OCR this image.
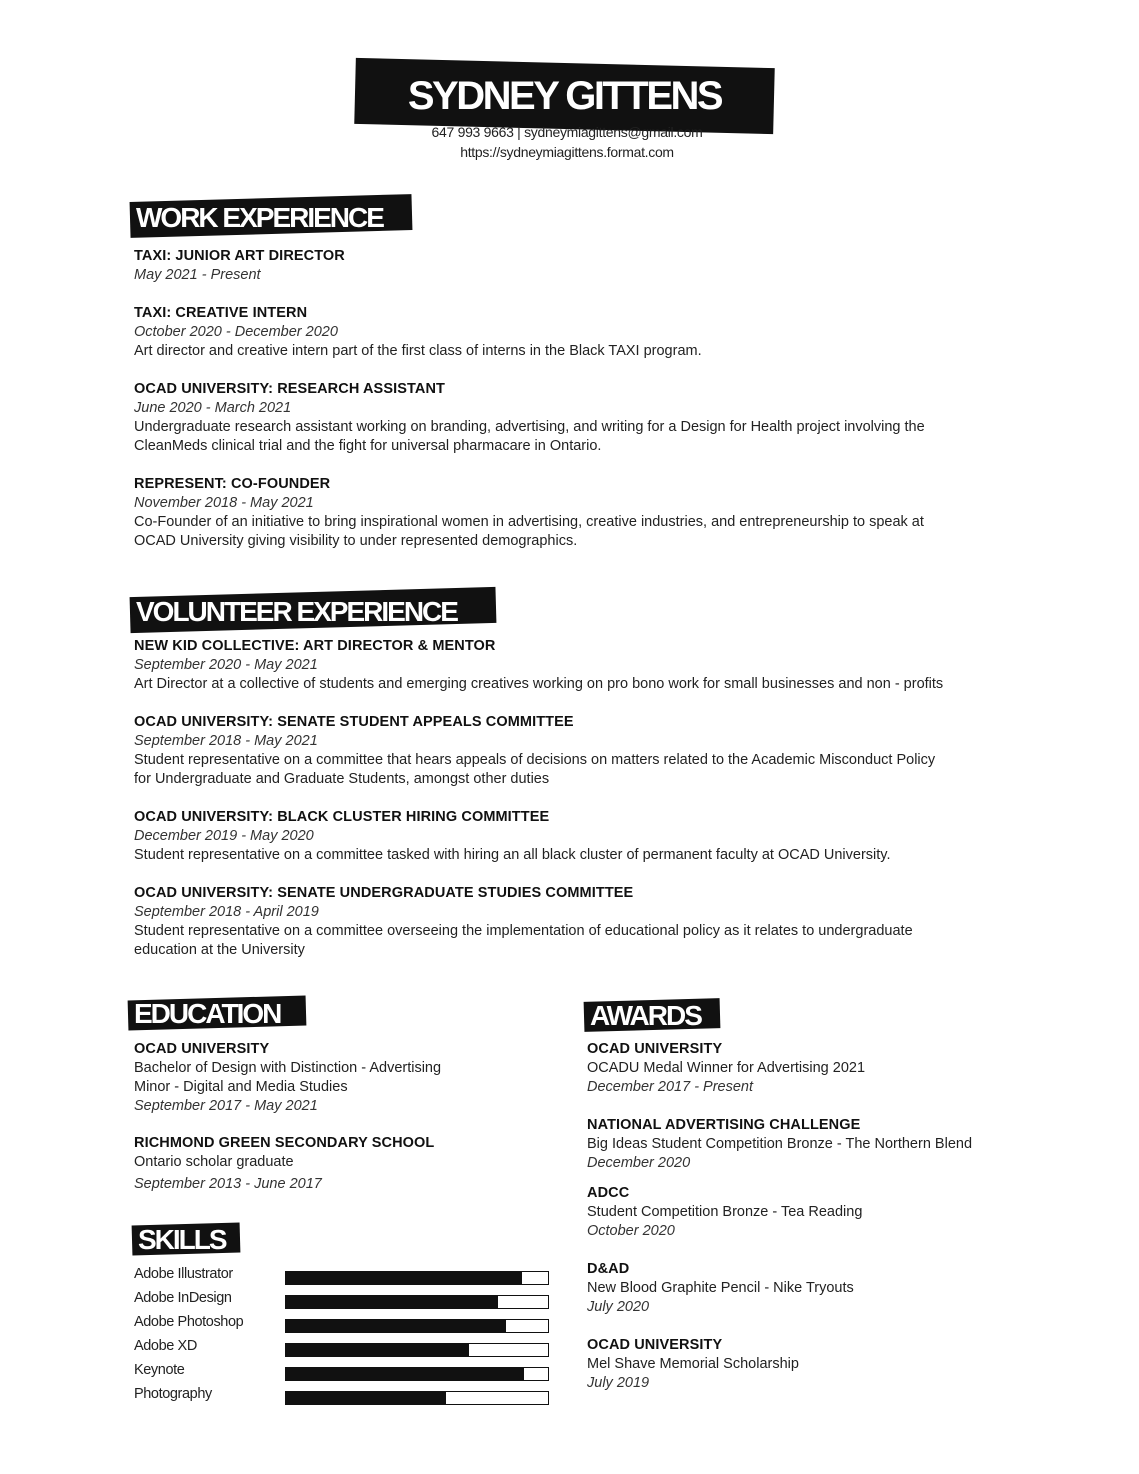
SYDNEY GITTENS
647 993 9663 | sydneymiagittens@gmail.com
https://sydneymiagittens.format.com
WORK EXPERIENCE
TAXI: JUNIOR ART DIRECTOR
May 2021 - Present
TAXI: CREATIVE INTERN
October 2020 - December 2020
Art director and creative intern part of the first class of interns in the Black TAXI program.
OCAD UNIVERSITY: RESEARCH ASSISTANT
June 2020 - March 2021
Undergraduate research assistant working on branding, advertising, and writing for a Design for Health project involving the
CleanMeds clinical trial and the fight for universal pharmacare in Ontario.
REPRESENT: CO-FOUNDER
November 2018 - May 2021
Co-Founder of an initiative to bring inspirational women in advertising, creative industries, and entrepreneurship to speak at
OCAD University giving visibility to under represented demographics.
VOLUNTEER EXPERIENCE
NEW KID COLLECTIVE: ART DIRECTOR & MENTOR
September 2020 - May 2021
Art Director at a collective of students and emerging creatives working on pro bono work for small businesses and non - profits
OCAD UNIVERSITY: SENATE STUDENT APPEALS COMMITTEE
September 2018 - May 2021
Student representative on a committee that hears appeals of decisions on matters related to the Academic Misconduct Policy
for Undergraduate and Graduate Students, amongst other duties
OCAD UNIVERSITY: BLACK CLUSTER HIRING COMMITTEE
December 2019 - May 2020
Student representative on a committee tasked with hiring an all black cluster of permanent faculty at OCAD University.
OCAD UNIVERSITY: SENATE UNDERGRADUATE STUDIES COMMITTEE
September 2018 - April 2019
Student representative on a committee overseeing the implementation of educational policy as it relates to undergraduate
education at the University
EDUCATION
OCAD UNIVERSITY
Bachelor of Design with Distinction - Advertising
Minor - Digital and Media Studies
September 2017 - May 2021
RICHMOND GREEN SECONDARY SCHOOL
Ontario scholar graduate
September 2013 - June 2017
AWARDS
OCAD UNIVERSITY
OCADU Medal Winner for Advertising 2021
December 2017 - Present
NATIONAL ADVERTISING CHALLENGE
Big Ideas Student Competition Bronze - The Northern Blend
December 2020
ADCC
Student Competition Bronze - Tea Reading
October 2020
D&AD
New Blood Graphite Pencil - Nike Tryouts
July 2020
OCAD UNIVERSITY
Mel Shave Memorial Scholarship
July 2019
SKILLS
Adobe Illustrator
Adobe InDesign
Adobe Photoshop
Adobe XD
Keynote
Photography
